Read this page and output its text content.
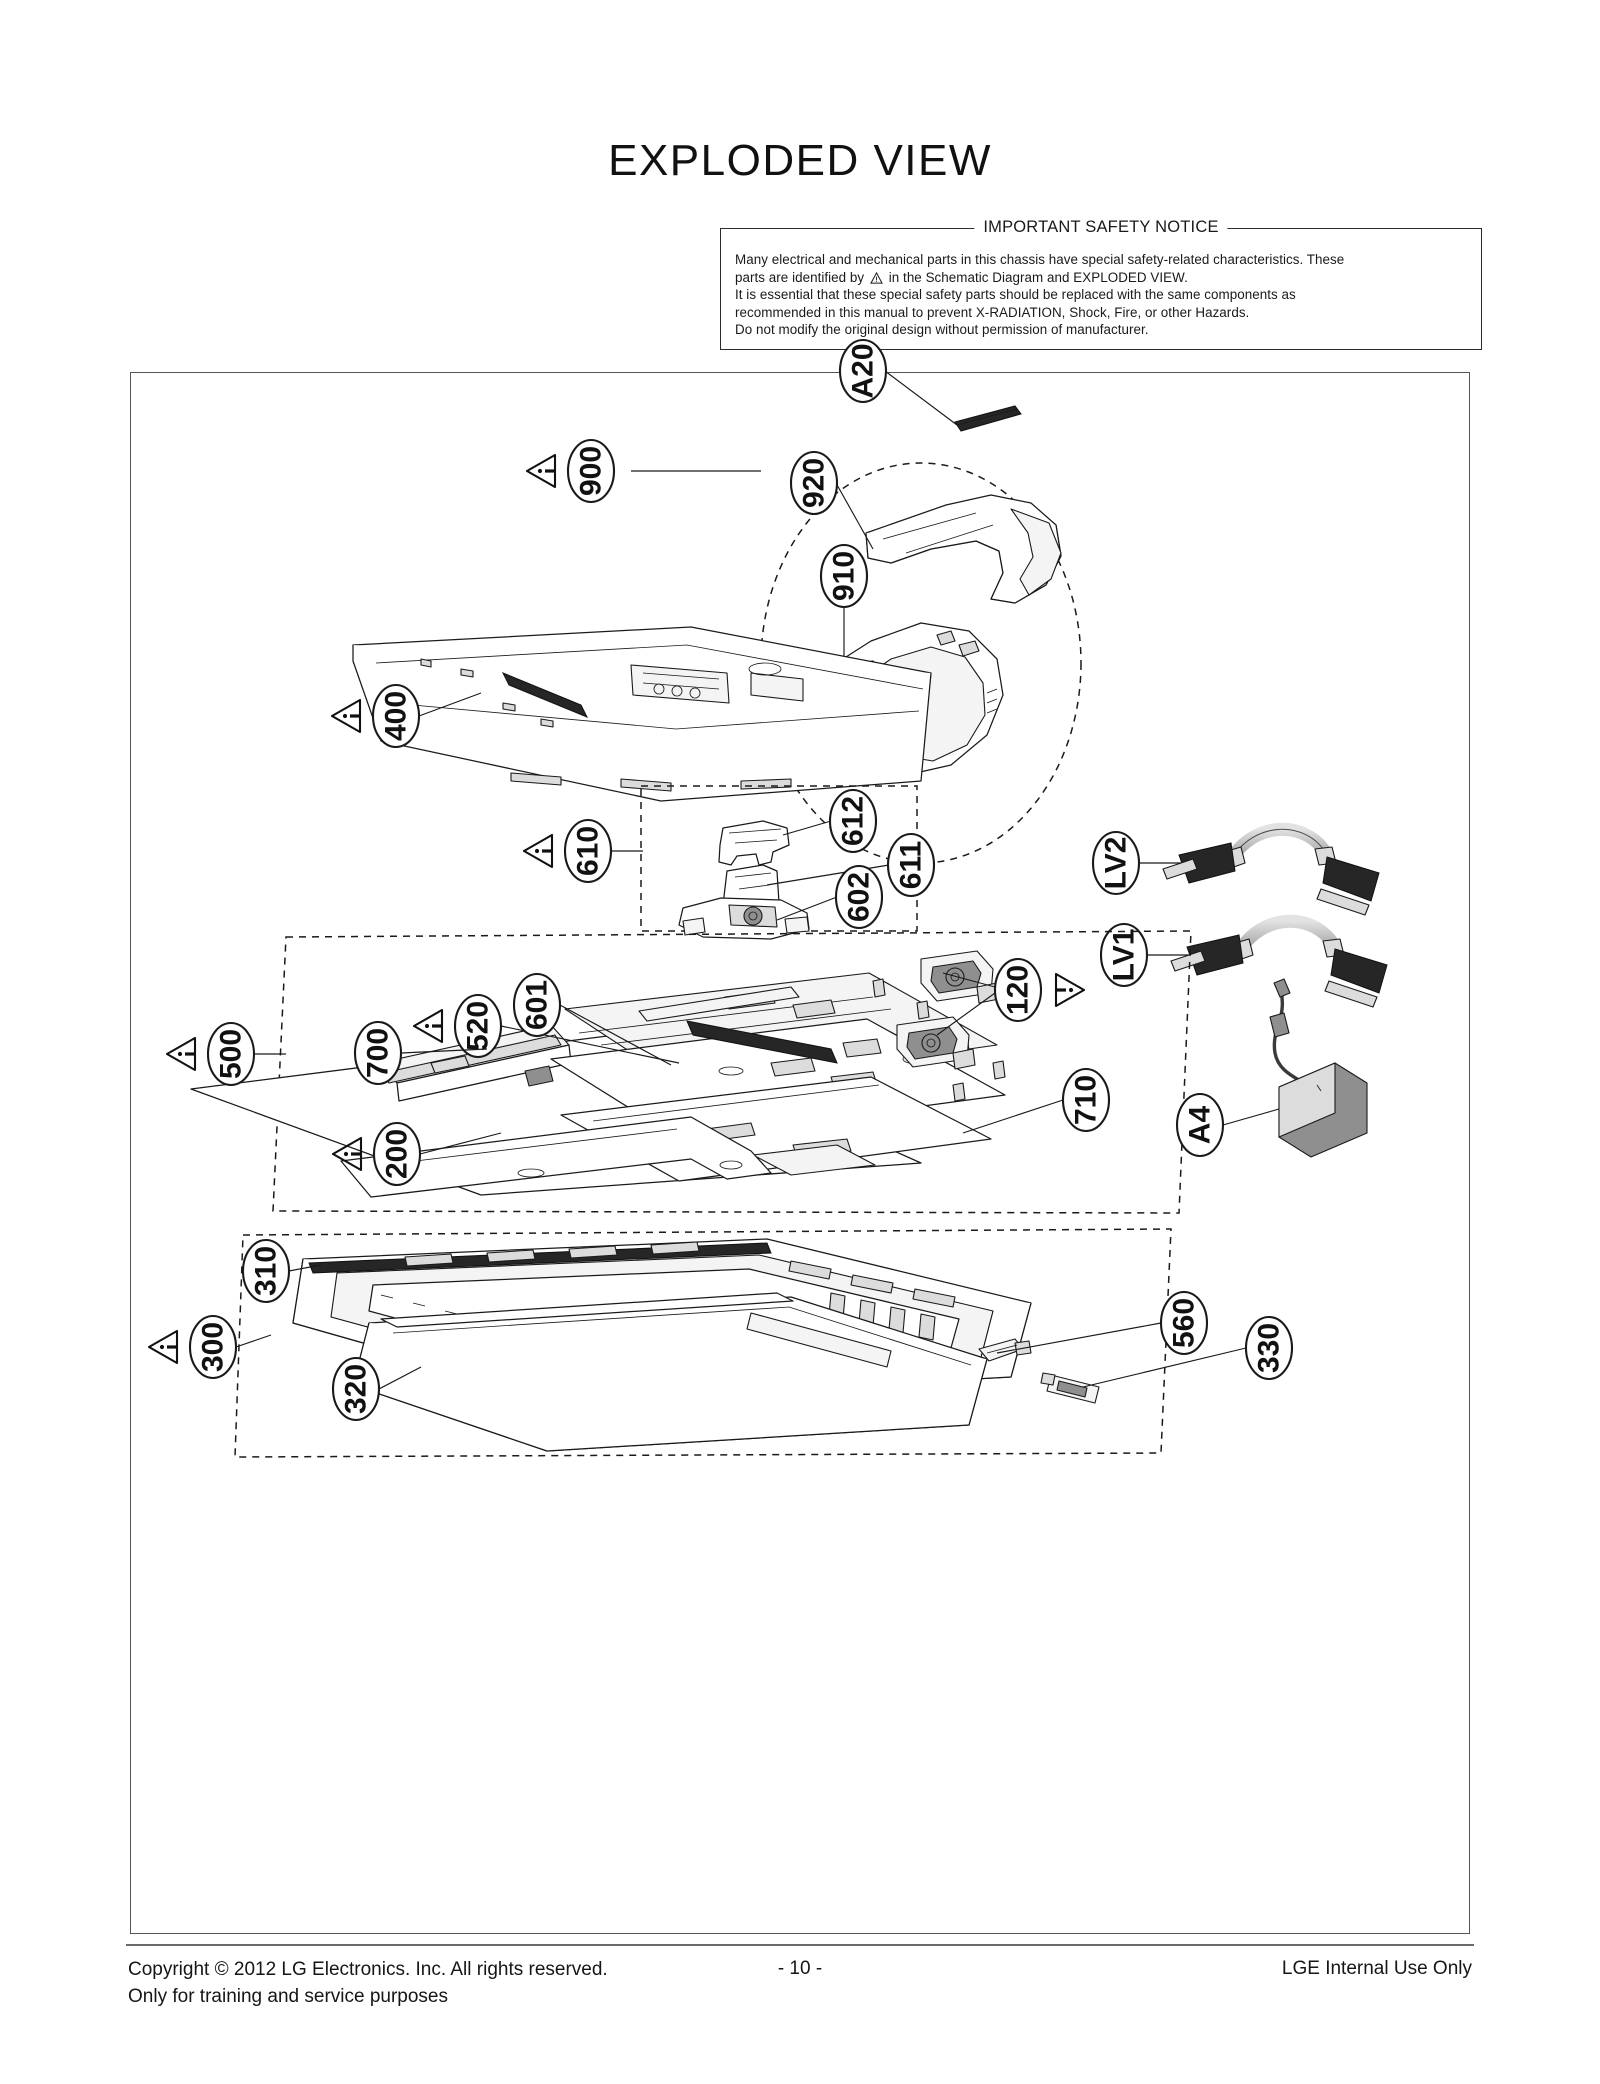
EXPLODED VIEW
IMPORTANT SAFETY NOTICE

Many electrical and mechanical parts in this chassis have special safety-related characteristics. These

parts are identified by in the Schematic Diagram and EXPLODED VIEW.

It is essential that these special safety parts should be replaced with the same components as

recommended in this manual to prevent X-RADIATION, Shock, Fire, or other Hazards.

Do not modify the original design without permission of manufacturer.

900
A20
920
910
400
610
612
611
602
LV2
LV1
500
520 601
700
120
710
200
A4
300
310
320
560 330
Copyright © 2012 LG Electronics. Inc. All rights reserved.
Only for training and service purposes
- 10 -	LGE Internal Use Only
